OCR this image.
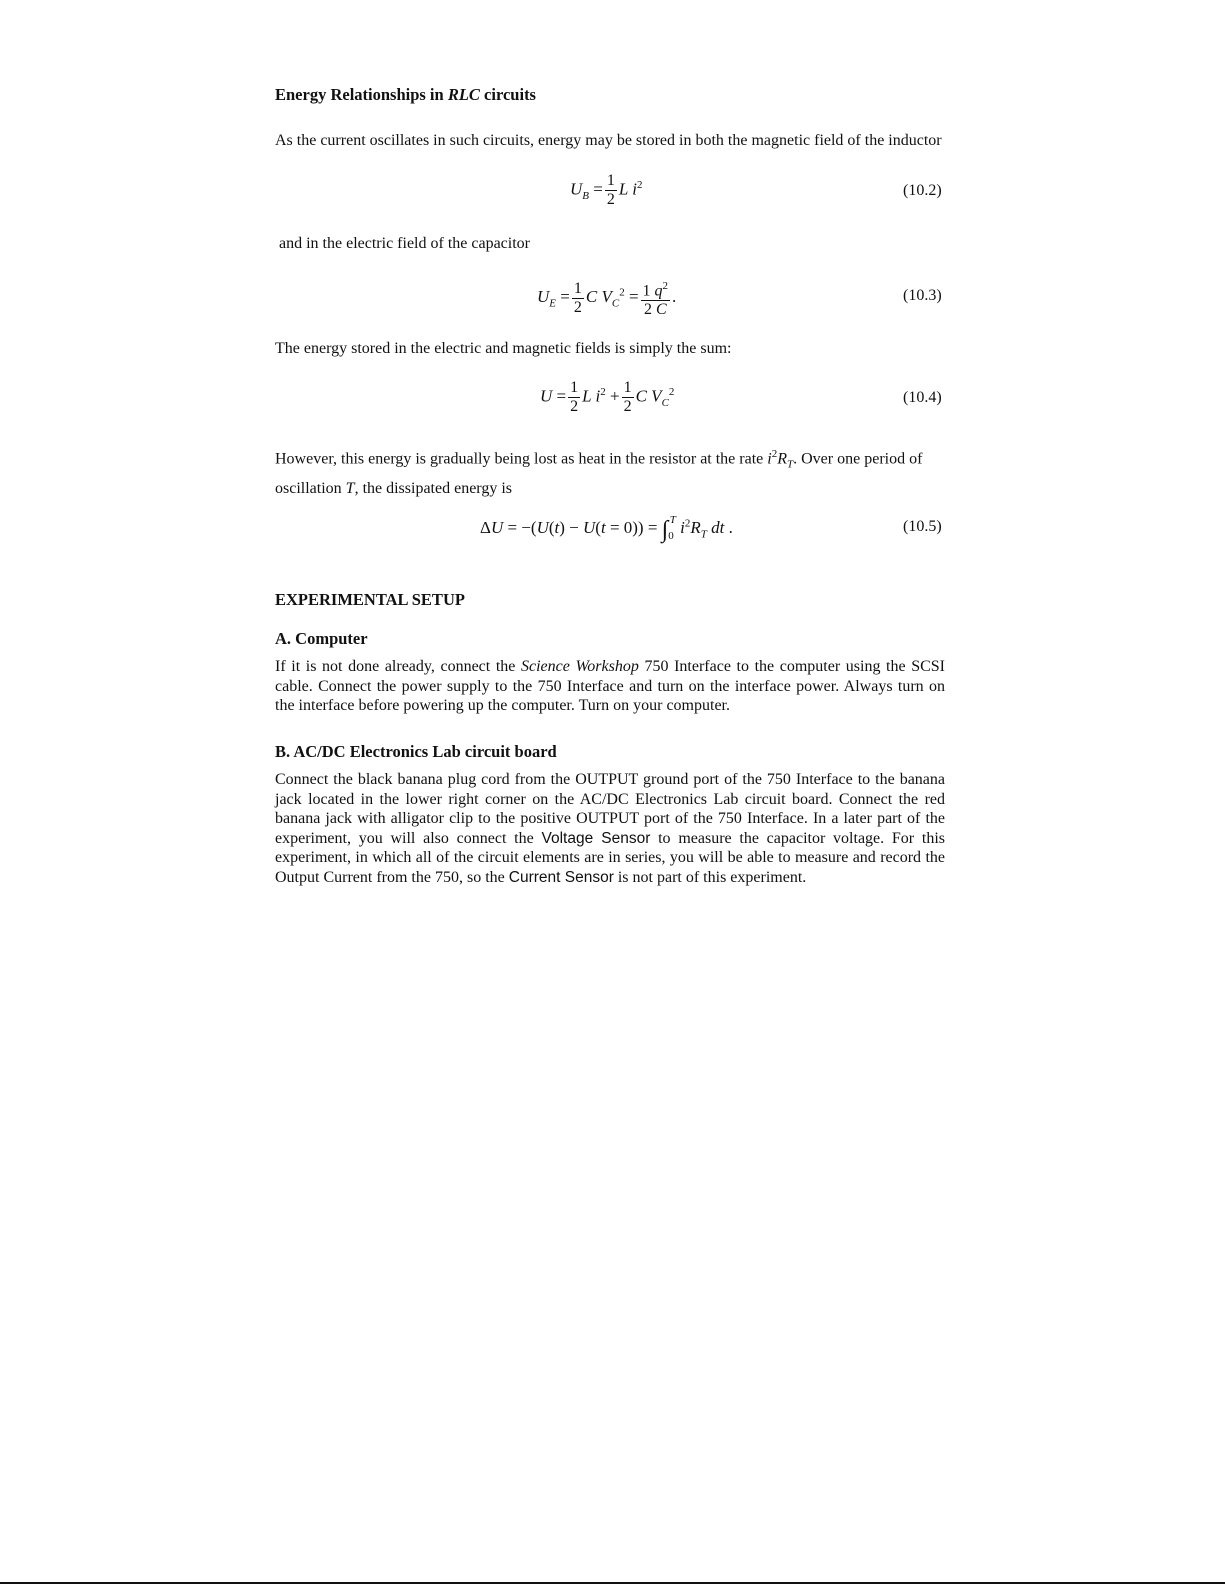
Energy Relationships in RLC circuits
As the current oscillates in such circuits, energy may be stored in both the magnetic field of the inductor
$U_B = \frac{1}{2}$ L $i^2$	(10.2)
and in the electric field of the capacitor
$U_E = \frac{1}{2}$ C $V_C^2 = \frac{1 q^2}{2 C}$ .	(10.3)
The energy stored in the electric and magnetic fields is simply the sum:
$U = \frac{1}{2}$ L $i^2 + \frac{1}{2}$ C $V_C^2$	(10.4)
However, this energy is gradually being lost as heat in the resistor at the rate $i^2R_T$. Over one period of oscillation T, the dissipated energy is
$\Delta U = -(U(t) - U(t = 0)) = \int_0^T$ $i^2R_T$ dt .	(10.5)
EXPERIMENTAL SETUP
A. Computer
If it is not done already, connect the Science Workshop 750 Interface to the computer using the SCSI cable. Connect the power supply to the 750 Interface and turn on the interface power. Always turn on the interface before powering up the computer. Turn on your computer.
B. AC/DC Electronics Lab circuit board
Connect the black banana plug cord from the OUTPUT ground port of the 750 Interface to the banana jack located in the lower right corner on the AC/DC Electronics Lab circuit board. Connect the red banana jack with alligator clip to the positive OUTPUT port of the 750 Interface. In a later part of the experiment, you will also connect the Voltage Sensor to measure the capacitor voltage. For this experiment, in which all of the circuit elements are in series, you will be able to measure and record the Output Current from the 750, so the Current Sensor is not part of this experiment.
